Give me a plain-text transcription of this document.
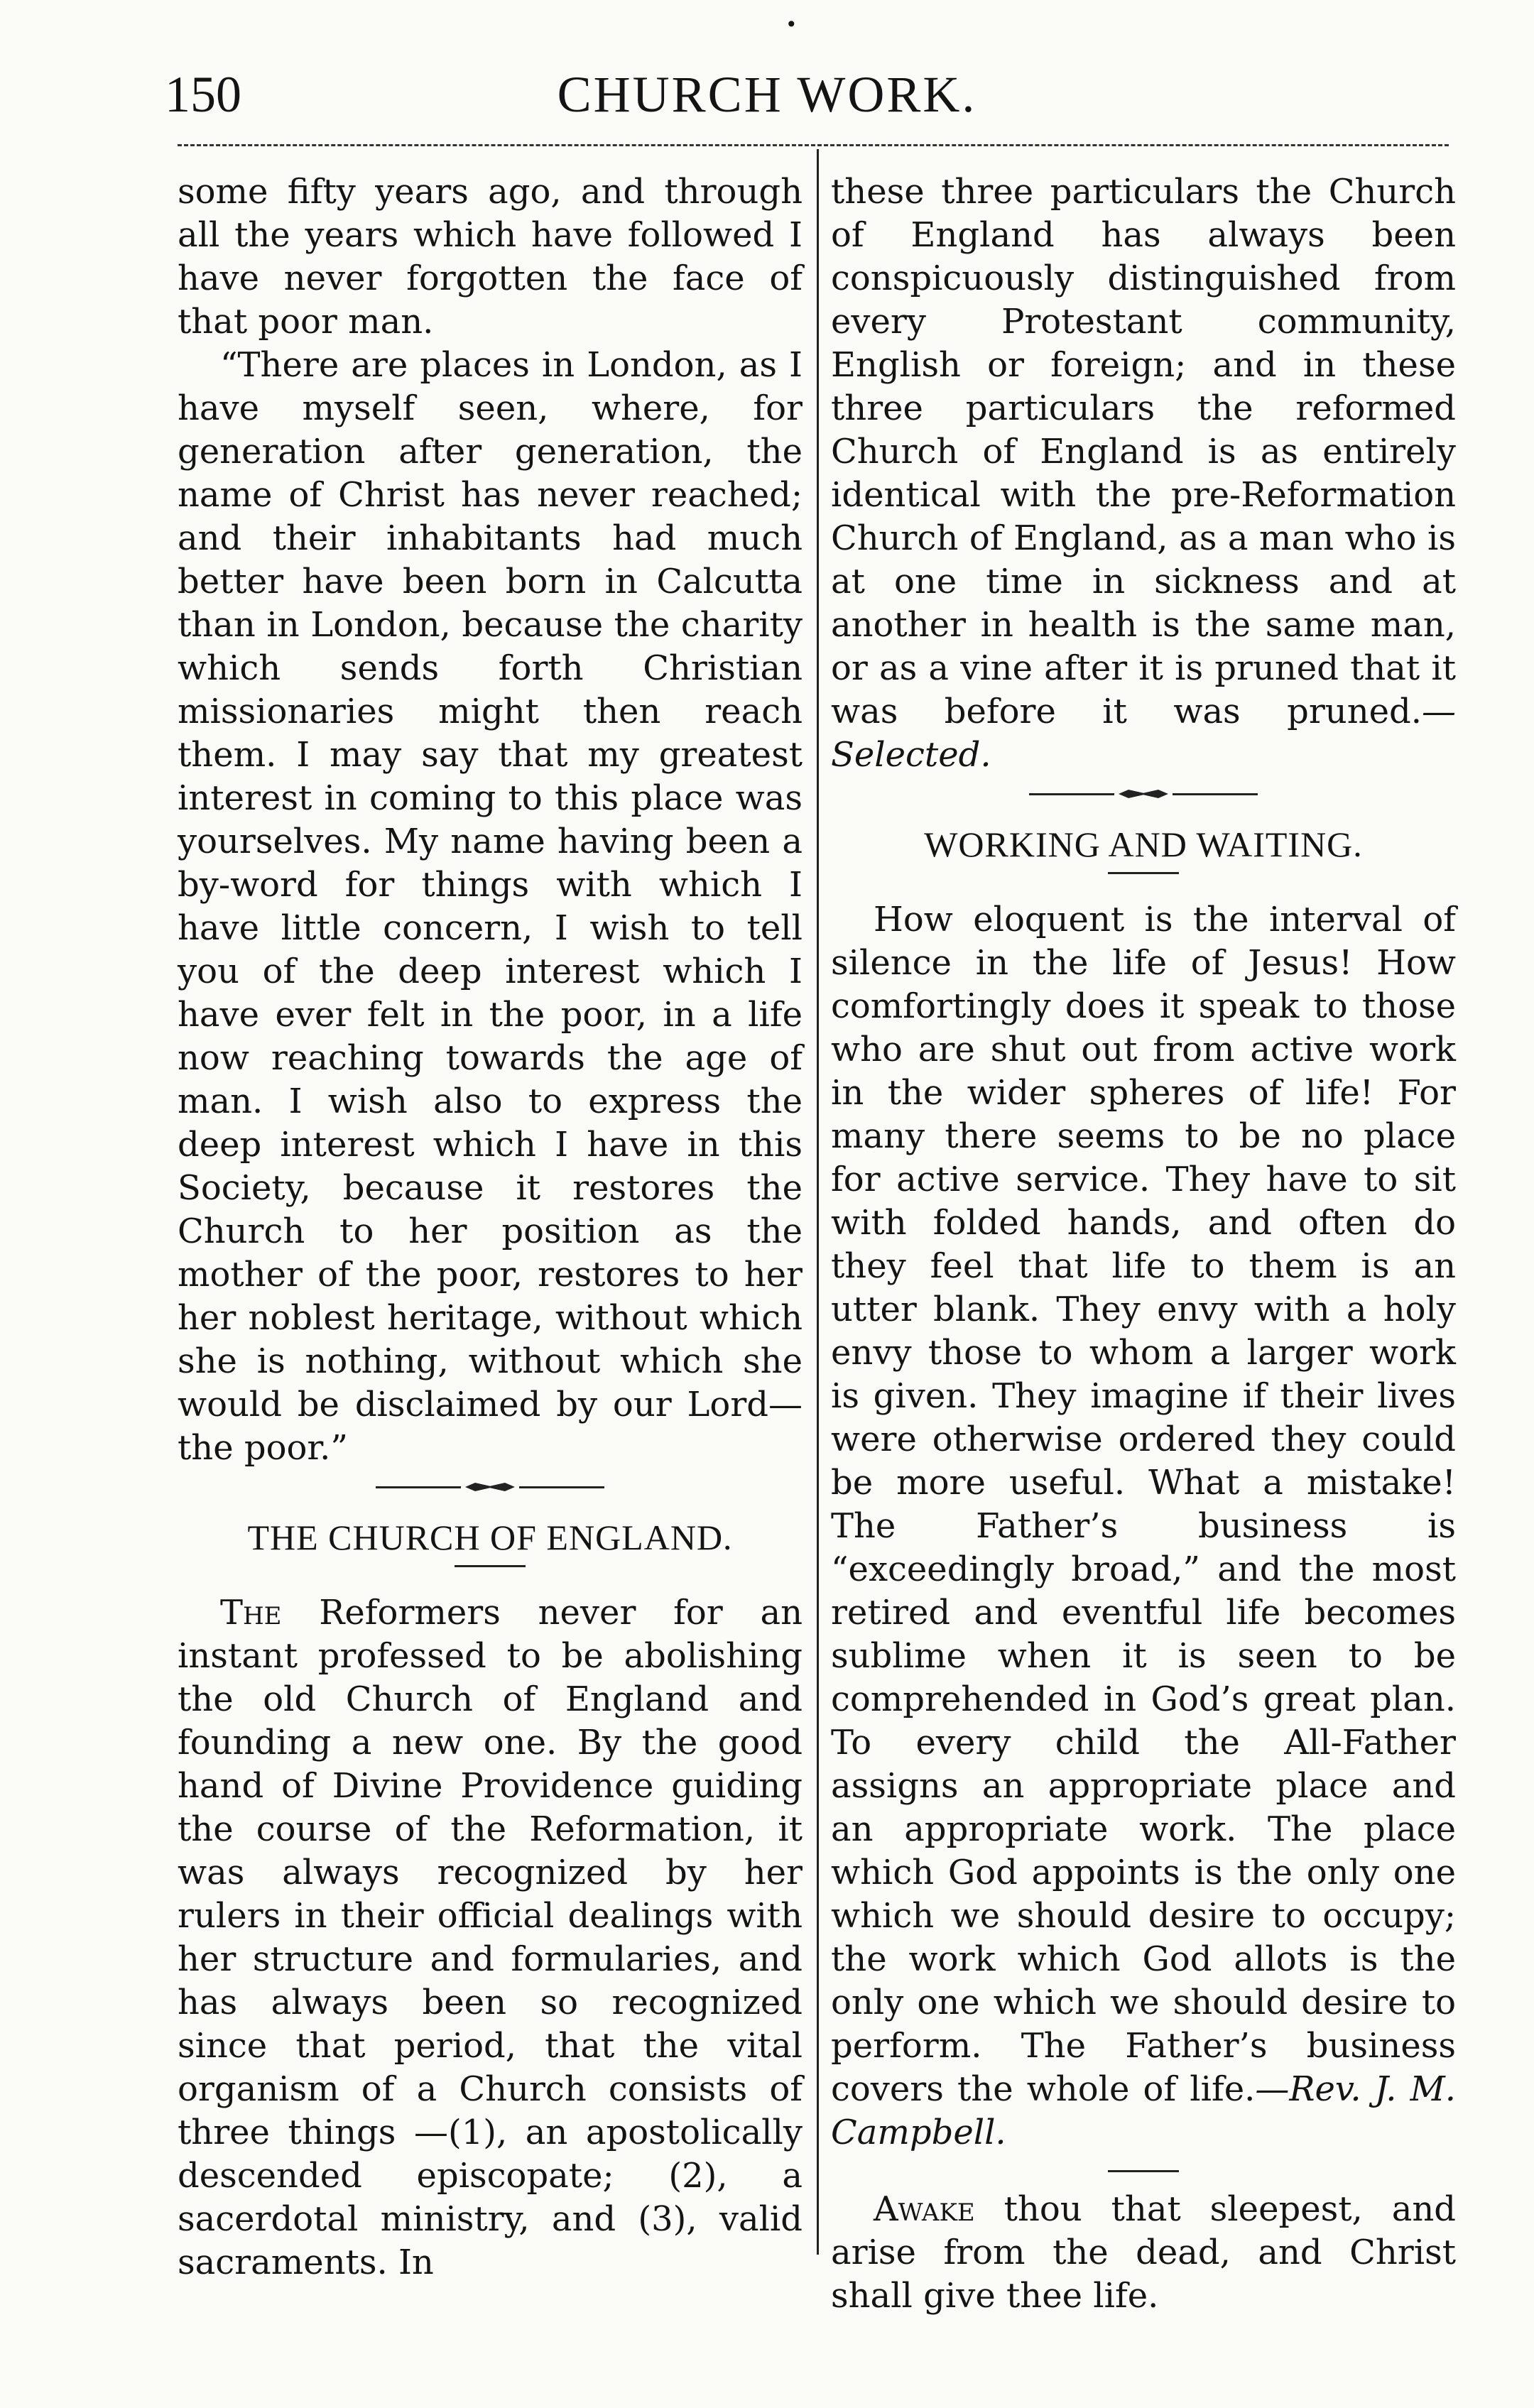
•
150	CHURCH WORK.

some fifty years ago, and through all the years which have followed I have never forgotten the face of that poor man.

“There are places in London, as I have myself seen, where, for generation after generation, the name of Christ has never reached; and their inhabitants had much better have been born in Calcutta than in London, because the charity which sends forth Christian missionaries might then reach them. I may say that my greatest interest in coming to this place was yourselves. My name having been a by-word for things with which I have little concern, I wish to tell you of the deep interest which I have ever felt in the poor, in a life now reaching towards the age of man. I wish also to express the deep interest which I have in this Society, because it restores the Church to her position as the mother of the poor, restores to her her noblest heritage, without which she is nothing, without which she would be disclaimed by our Lord—the poor.”

THE CHURCH OF ENGLAND.

The Reformers never for an instant professed to be abolishing the old Church of England and founding a new one. By the good hand of Divine Providence guiding the course of the Reformation, it was always recognized by her rulers in their official dealings with her structure and formularies, and has always been so recognized since that period, that the vital organism of a Church consists of three things —(1), an apostolically descended episcopate; (2), a sacerdotal ministry, and (3), valid sacraments. In

these three particulars the Church of England has always been conspicuously distinguished from every Protestant community, English or foreign; and in these three particulars the reformed Church of England is as entirely identical with the pre-Reformation Church of England, as a man who is at one time in sickness and at another in health is the same man, or as a vine after it is pruned that it was before it was pruned.—Selected.

WORKING AND WAITING.

How eloquent is the interval of silence in the life of Jesus! How comfortingly does it speak to those who are shut out from active work in the wider spheres of life! For many there seems to be no place for active service. They have to sit with folded hands, and often do they feel that life to them is an utter blank. They envy with a holy envy those to whom a larger work is given. They imagine if their lives were otherwise ordered they could be more useful. What a mistake! The Father’s business is “exceedingly broad,” and the most retired and eventful life becomes sublime when it is seen to be comprehended in God’s great plan. To every child the All-Father assigns an appropriate place and an appropriate work. The place which God appoints is the only one which we should desire to occupy; the work which God allots is the only one which we should desire to perform. The Father’s business covers the whole of life.—Rev. J. M. Campbell.

Awake thou that sleepest, and arise from the dead, and Christ shall give thee life.
